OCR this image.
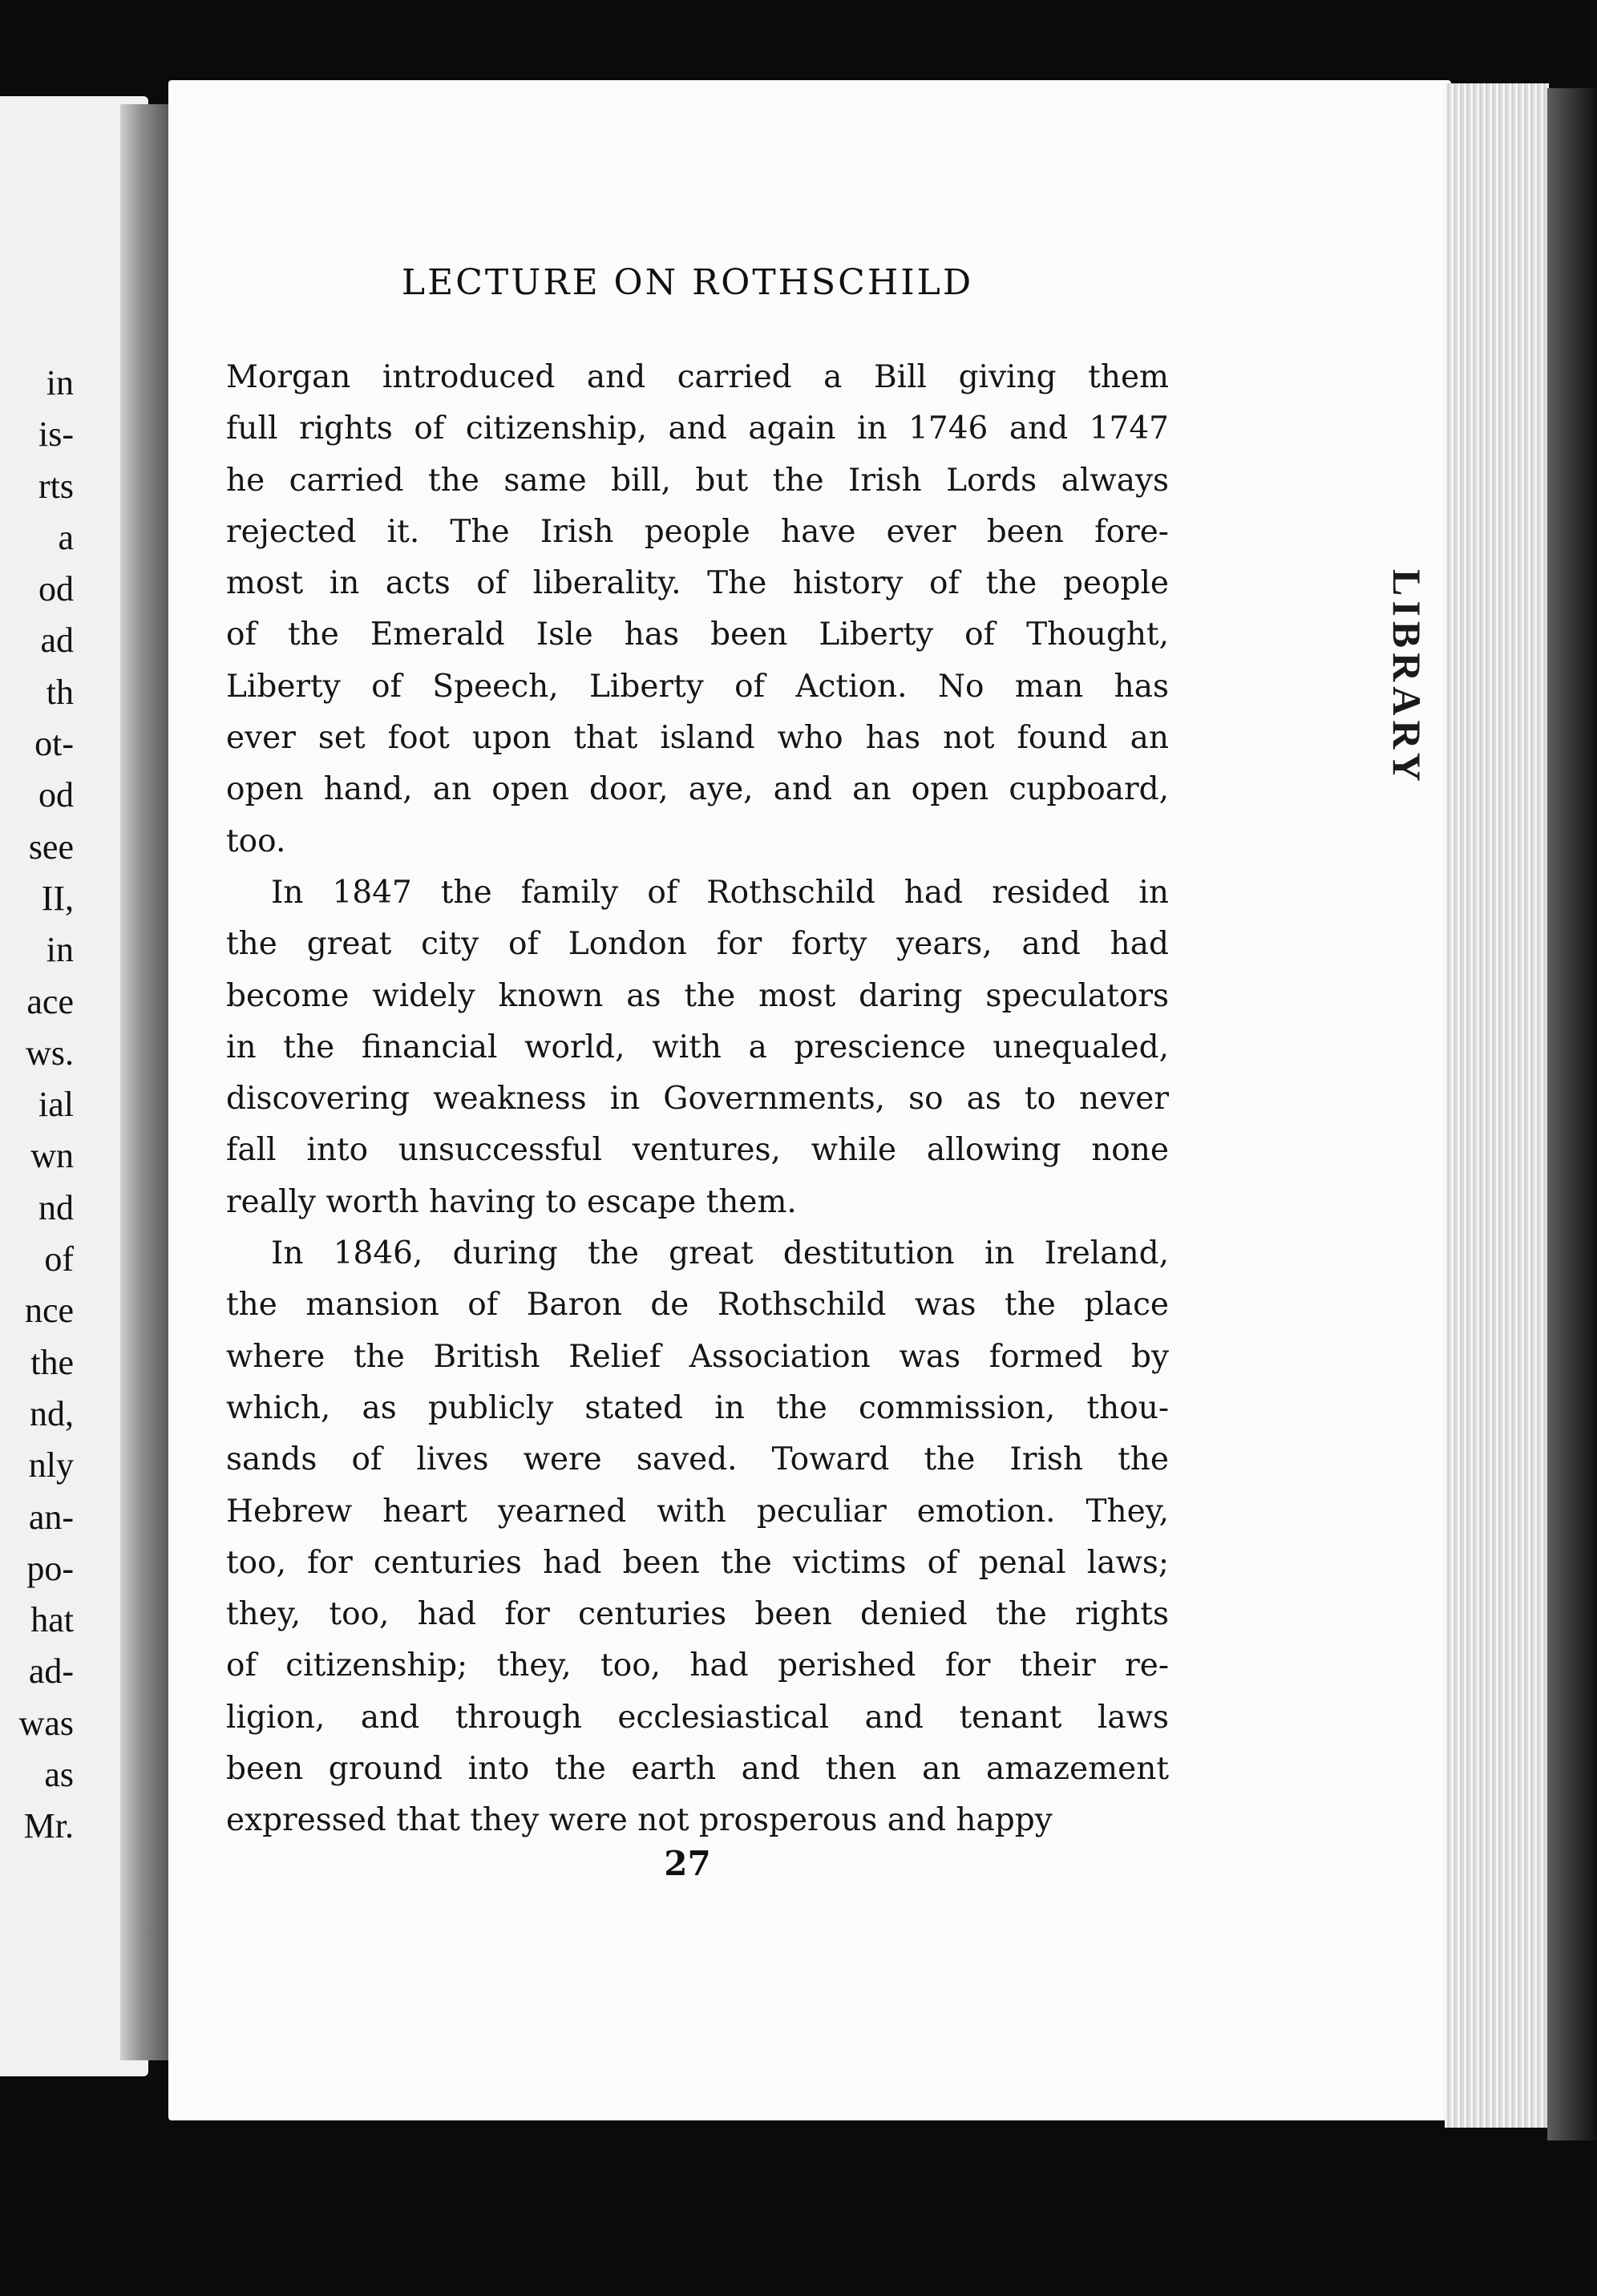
in
is-
rts
a
od
ad
th
ot-
od
see
II,
in
ace
ws.
ial
wn
nd
of
nce
the
nd,
nly
an-
po-
hat
ad-
was
as
Mr.
LIBRARY
LECTURE ON ROTHSCHILD

Morgan introduced and carried a Bill giving them
full rights of citizenship, and again in 1746 and 1747
he carried the same bill, but the Irish Lords always
rejected it. The Irish people have ever been fore-
most in acts of liberality. The history of the people
of the Emerald Isle has been Liberty of Thought,
Liberty of Speech, Liberty of Action. No man has
ever set foot upon that island who has not found an
open hand, an open door, aye, and an open cupboard,
too.

In 1847 the family of Rothschild had resided in
the great city of London for forty years, and had
become widely known as the most daring speculators
in the financial world, with a prescience unequaled,
discovering weakness in Governments, so as to never
fall into unsuccessful ventures, while allowing none
really worth having to escape them.

In 1846, during the great destitution in Ireland,
the mansion of Baron de Rothschild was the place
where the British Relief Association was formed by
which, as publicly stated in the commission, thou-
sands of lives were saved. Toward the Irish the
Hebrew heart yearned with peculiar emotion. They,
too, for centuries had been the victims of penal laws;
they, too, had for centuries been denied the rights
of citizenship; they, too, had perished for their re-
ligion, and through ecclesiastical and tenant laws
been ground into the earth and then an amazement
expressed that they were not prosperous and happy

27
